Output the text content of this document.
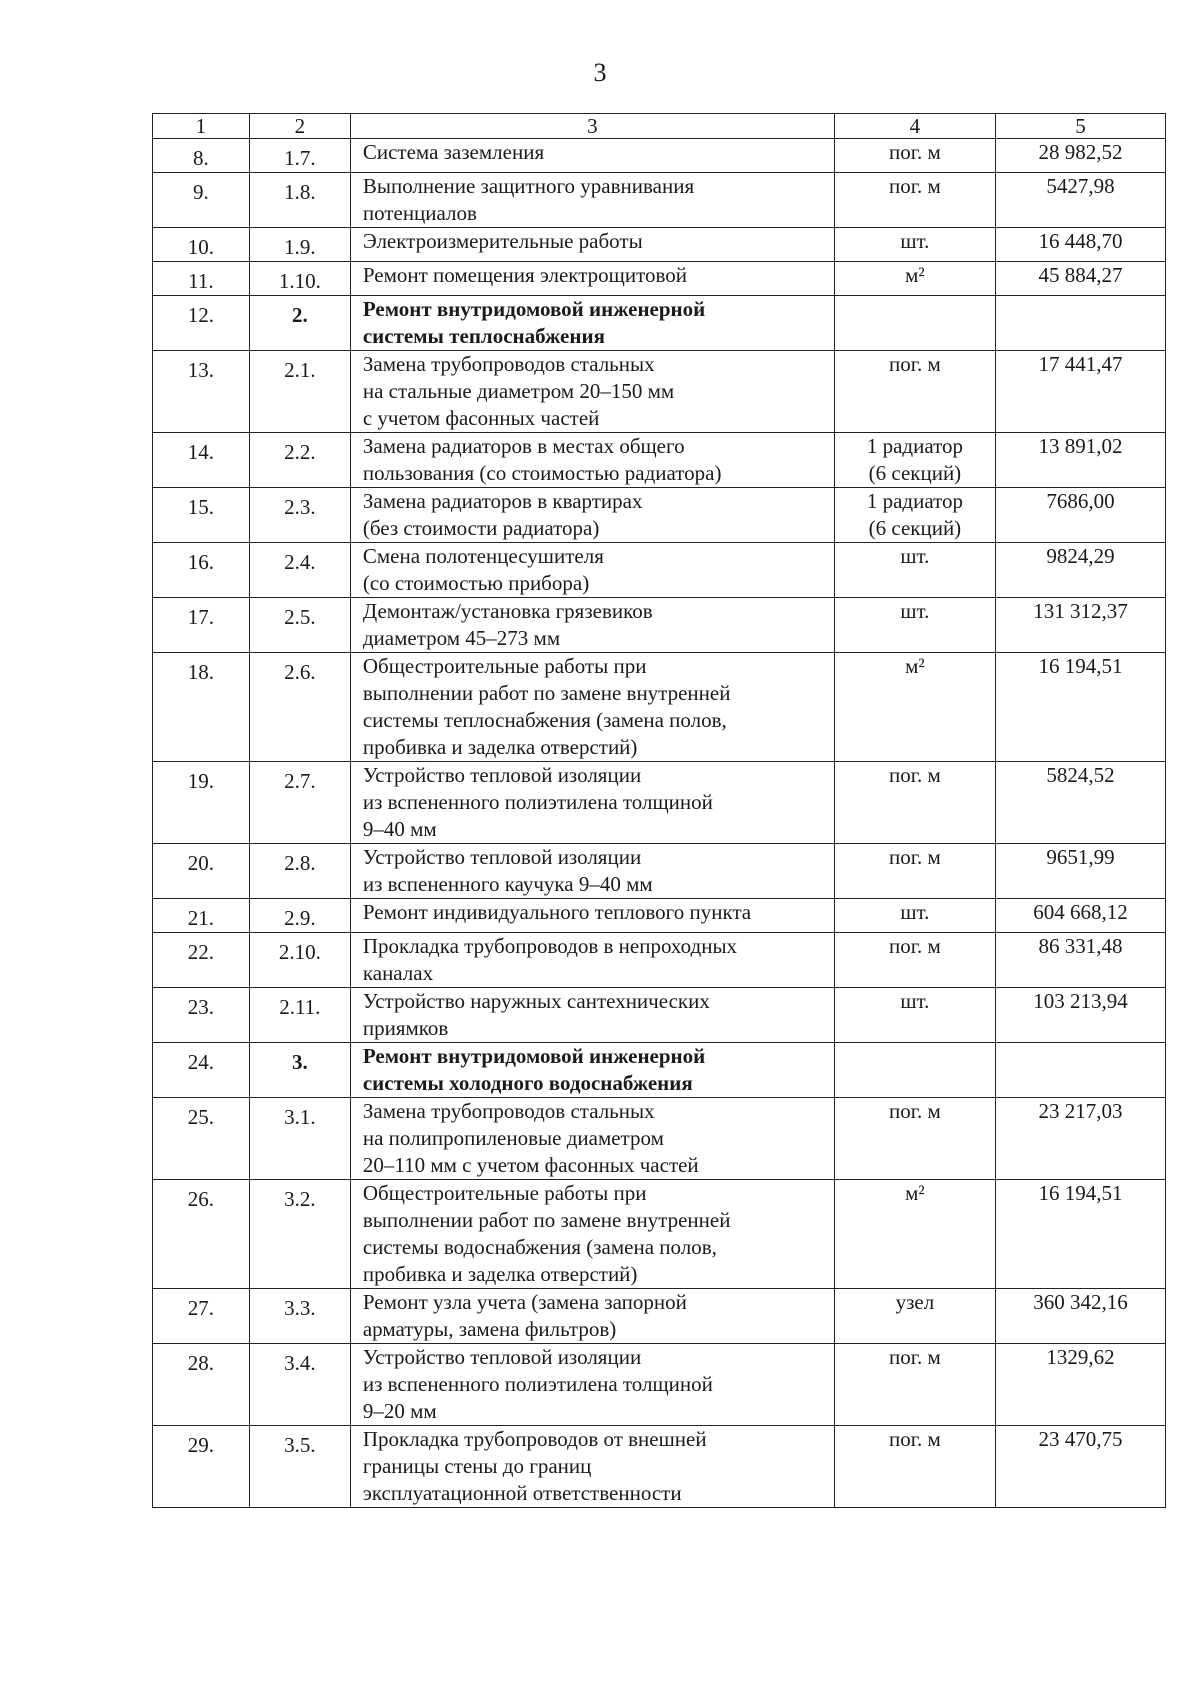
3
1	2	3	4	5
8.	1.7.	Система заземления	пог. м	28 982,52
9.	1.8.	Выполнение защитного уравнивания
потенциалов	пог. м	5427,98
10.	1.9.	Электроизмерительные работы	шт.	16 448,70
11.	1.10.	Ремонт помещения электрощитовой	м²	45 884,27
12.	2.	Ремонт внутридомовой инженерной
системы теплоснабжения		
13.	2.1.	Замена трубопроводов стальных
на стальные диаметром 20–150 мм
с учетом фасонных частей	пог. м	17 441,47
14.	2.2.	Замена радиаторов в местах общего
пользования (со стоимостью радиатора)	1 радиатор
(6 секций)	13 891,02
15.	2.3.	Замена радиаторов в квартирах
(без стоимости радиатора)	1 радиатор
(6 секций)	7686,00
16.	2.4.	Смена полотенцесушителя
(со стоимостью прибора)	шт.	9824,29
17.	2.5.	Демонтаж/установка грязевиков
диаметром 45–273 мм	шт.	131 312,37
18.	2.6.	Общестроительные работы при
выполнении работ по замене внутренней
системы теплоснабжения (замена полов,
пробивка и заделка отверстий)	м²	16 194,51
19.	2.7.	Устройство тепловой изоляции
из вспененного полиэтилена толщиной
9–40 мм	пог. м	5824,52
20.	2.8.	Устройство тепловой изоляции
из вспененного каучука 9–40 мм	пог. м	9651,99
21.	2.9.	Ремонт индивидуального теплового пункта	шт.	604 668,12
22.	2.10.	Прокладка трубопроводов в непроходных
каналах	пог. м	86 331,48
23.	2.11.	Устройство наружных сантехнических
приямков	шт.	103 213,94
24.	3.	Ремонт внутридомовой инженерной
системы холодного водоснабжения		
25.	3.1.	Замена трубопроводов стальных
на полипропиленовые диаметром
20–110 мм с учетом фасонных частей	пог. м	23 217,03
26.	3.2.	Общестроительные работы при
выполнении работ по замене внутренней
системы водоснабжения (замена полов,
пробивка и заделка отверстий)	м²	16 194,51
27.	3.3.	Ремонт узла учета (замена запорной
арматуры, замена фильтров)	узел	360 342,16
28.	3.4.	Устройство тепловой изоляции
из вспененного полиэтилена толщиной
9–20 мм	пог. м	1329,62
29.	3.5.	Прокладка трубопроводов от внешней
границы стены до границ
эксплуатационной ответственности	пог. м	23 470,75
